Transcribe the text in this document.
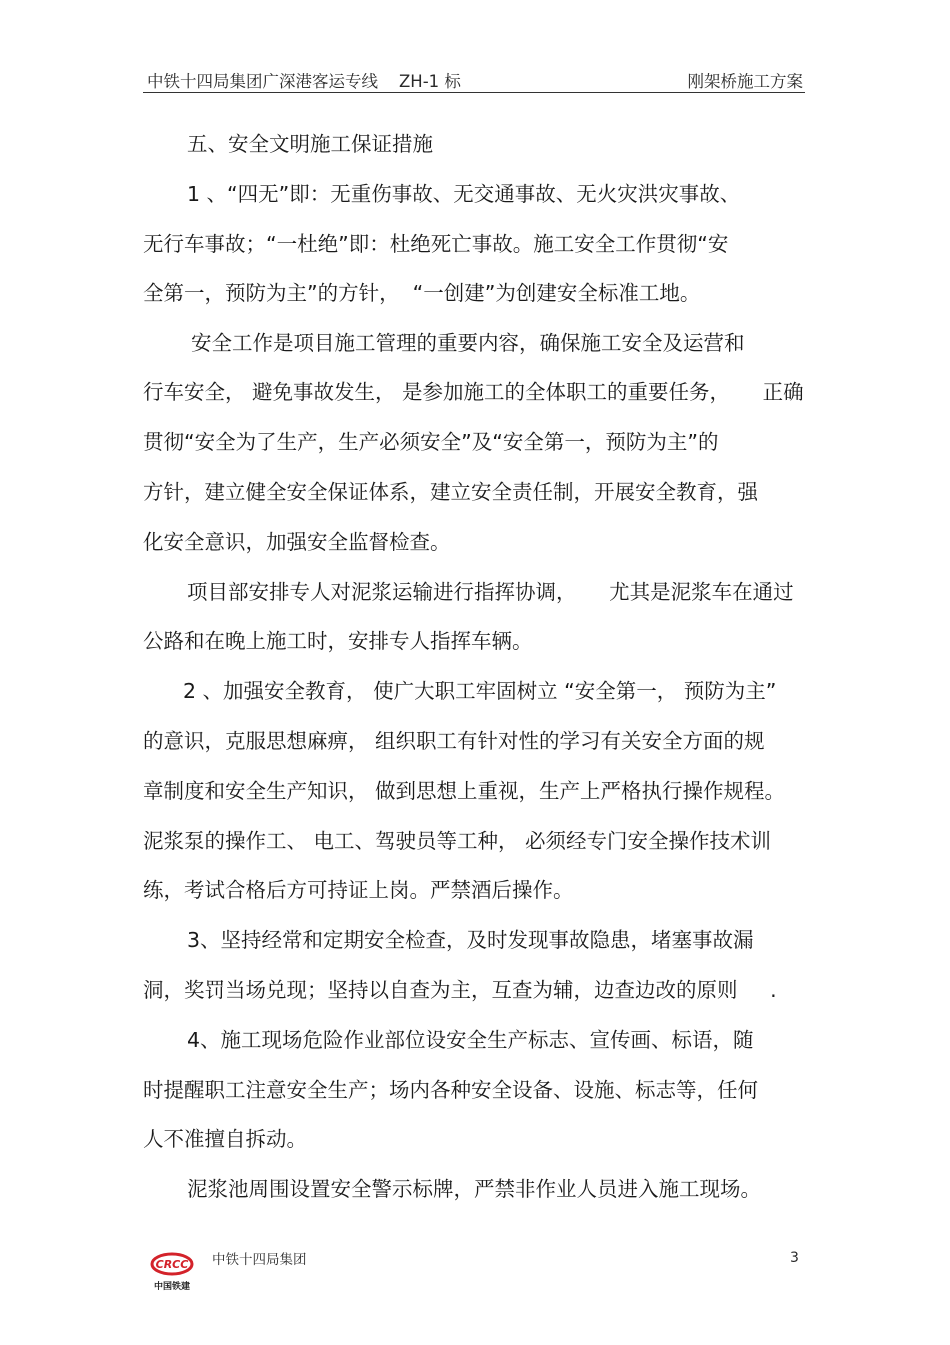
中铁十四局集团广深港客运专线    ZH-1 标	刚架桥施工方案
五、安全文明施工保证措施
1 、“四无”即：无重伤事故、无交通事故、无火灾洪灾事故、
无行车事故；“一杜绝”即：杜绝死亡事故。施工安全工作贯彻“安
全第一，预防为主”的方针，  “一创建”为创建安全标准工地。
安全工作是项目施工管理的重要内容，确保施工安全及运营和
行车安全， 避免事故发生， 是参加施工的全体职工的重要任务，     正确
贯彻“安全为了生产，生产必须安全”及“安全第一，预防为主”的
方针，建立健全安全保证体系，建立安全责任制，开展安全教育，强
化安全意识，加强安全监督检查。
项目部安排专人对泥浆运输进行指挥协调，     尤其是泥浆车在通过
公路和在晚上施工时，安排专人指挥车辆。
2 、加强安全教育， 使广大职工牢固树立 “安全第一， 预防为主”
的意识，克服思想麻痹， 组织职工有针对性的学习有关安全方面的规
章制度和安全生产知识， 做到思想上重视，生产上严格执行操作规程。
泥浆泵的操作工、 电工、驾驶员等工种， 必须经专门安全操作技术训
练，考试合格后方可持证上岗。严禁酒后操作。
3、坚持经常和定期安全检查，及时发现事故隐患，堵塞事故漏
洞，奖罚当场兑现；坚持以自查为主，互查为辅，边查边改的原则     .
4、施工现场危险作业部位设安全生产标志、宣传画、标语，随
时提醒职工注意安全生产；场内各种安全设备、设施、标志等，任何
人不准擅自拆动。
泥浆池周围设置安全警示标牌，严禁非作业人员进入施工现场。
CRCC
中国铁建
中铁十四局集团	3
